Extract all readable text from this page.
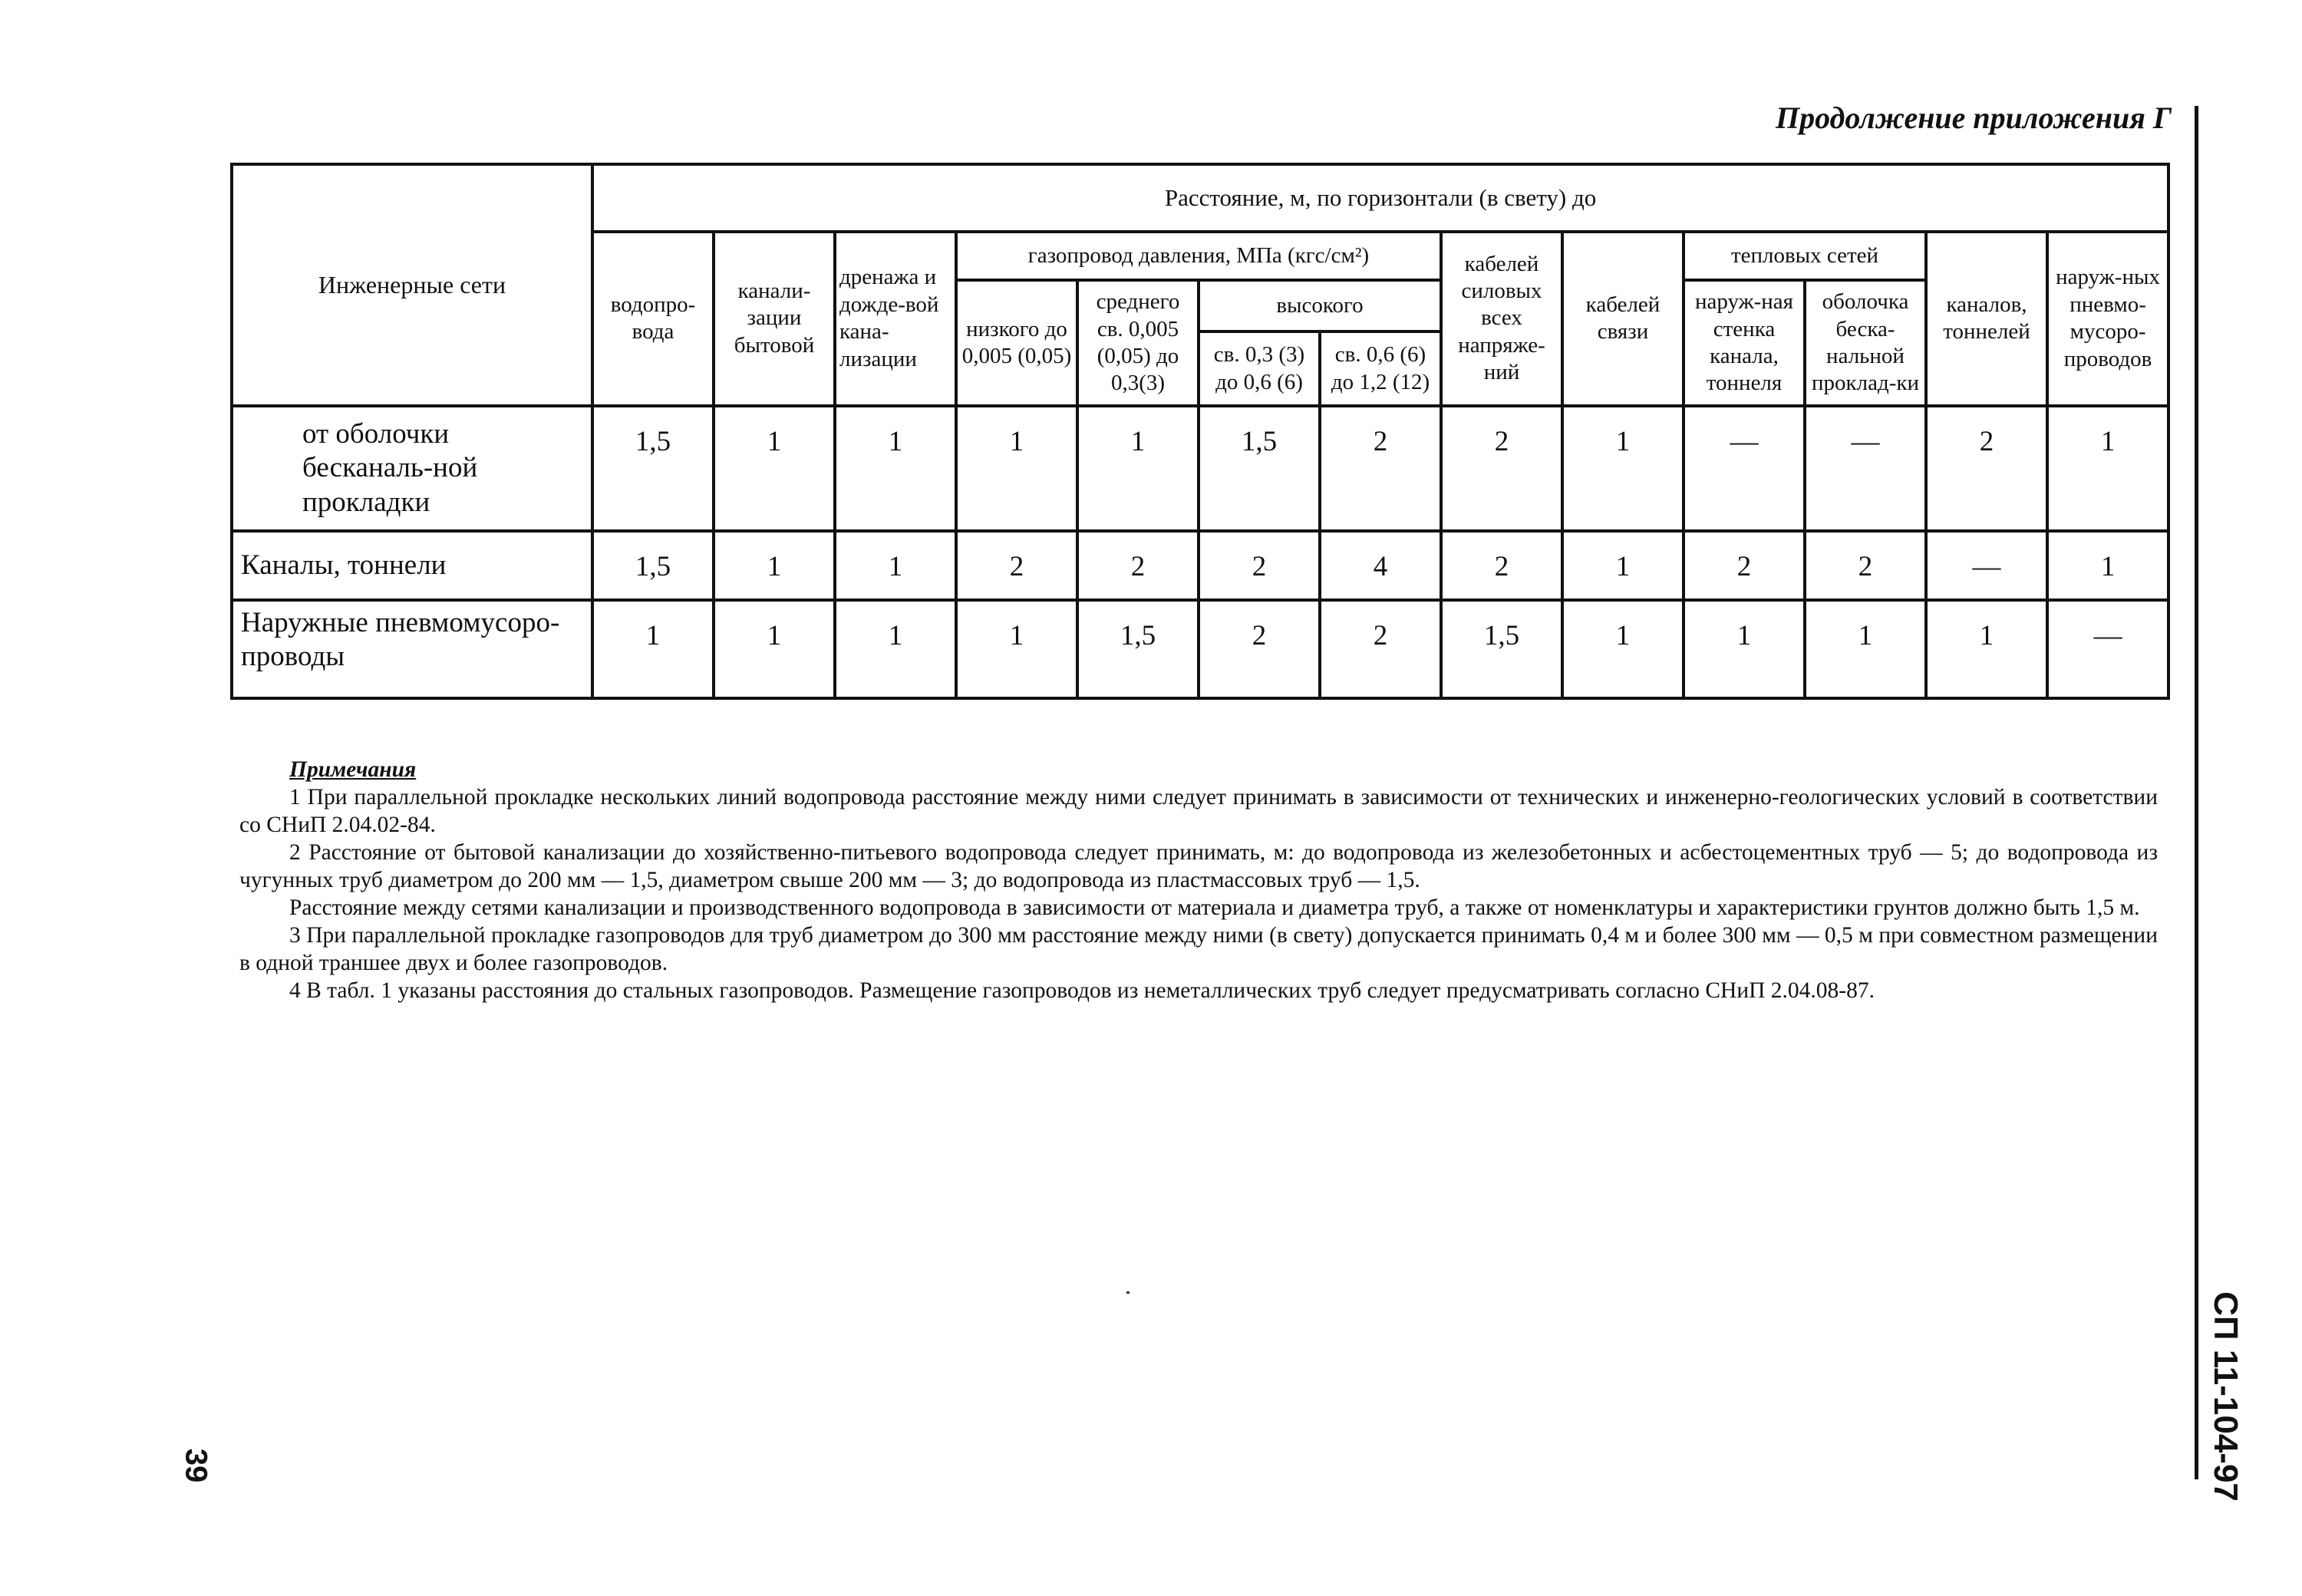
Продолжение приложения Г
СП 11-104-97
39
Инженерные сети	Расстояние, м, по горизонтали (в свету) до												
	водопро-вода	канали-зации бытовой	дренажа и дожде-вой кана-лизации	газопровод давления, МПа (кгс/см²)				кабелей силовых всех напряже-ний	кабелей связи	тепловых сетей		каналов, тоннелей	наруж-ных пневмо-мусоро-проводов
				низкого до 0,005 (0,05)	среднего св. 0,005 (0,05) до 0,3(3)	высокого				наруж-ная стенка канала, тоннеля	оболочка беска-нальной проклад-ки		
						св. 0,3 (3) до 0,6 (6)	св. 0,6 (6) до 1,2 (12)						
от оболочки бесканаль-ной прокладки	1,5	1	1	1	1	1,5	2	2	1	—	—	2	1
Каналы, тоннели	1,5	1	1	2	2	2	4	2	1	2	2	—	1
Наружные пневмомусоро-проводы	1	1	1	1	1,5	2	2	1,5	1	1	1	1	—
Примечания

1 При параллельной прокладке нескольких линий водопровода расстояние между ними следует принимать в зависимости от технических и инженерно-геологических условий в соответствии со СНиП 2.04.02-84.

2 Расстояние от бытовой канализации до хозяйственно-питьевого водопровода следует принимать, м: до водопровода из железобетонных и асбестоцементных труб — 5; до водопровода из чугунных труб диаметром до 200 мм — 1,5, диаметром свыше 200 мм — 3; до водопровода из пластмассовых труб — 1,5.

Расстояние между сетями канализации и производственного водопровода в зависимости от материала и диаметра труб, а также от номенклатуры и характеристики грунтов должно быть 1,5 м.

3 При параллельной прокладке газопроводов для труб диаметром до 300 мм расстояние между ними (в свету) допускается принимать 0,4 м и более 300 мм — 0,5 м при совместном размещении в одной траншее двух и более газопроводов.

4 В табл. 1 указаны расстояния до стальных газопроводов. Размещение газопроводов из неметаллических труб следует предусматривать согласно СНиП 2.04.08-87.
